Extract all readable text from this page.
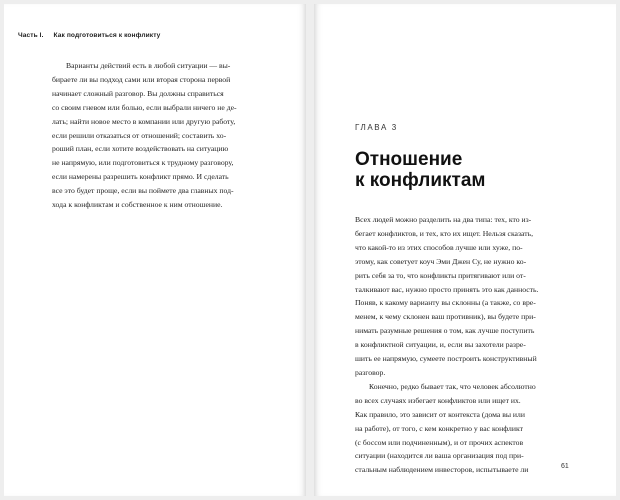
Часть I. Как подготовиться к конфликту

Варианты действий есть в любой ситуации — вы-
бираете ли вы подход сами или вторая сторона первой
начинает сложный разговор. Вы должны справиться
со своим гневом или болью, если выбрали ничего не де-
лать; найти новое место в компании или другую работу,
если решили отказаться от отношений; составить хо-
роший план, если хотите воздействовать на ситуацию
не напрямую, или подготовиться к трудному разговору,
если намерены разрешить конфликт прямо. И сделать
все это будет проще, если вы поймете два главных под-
хода к конфликтам и собственное к ним отношение.

ГЛАВА 3
Отношение
к конфликтам
Всех людей можно разделить на два типа: тех, кто из-
бегает конфликтов, и тех, кто их ищет. Нельзя сказать,
что какой-то из этих способов лучше или хуже, по-
этому, как советует коуч Эми Джен Су, не нужно ко-
рить себя за то, что конфликты притягивают или от-
талкивают вас, нужно просто принять это как данность.
Поняв, к какому варианту вы склонны (а также, со вре-
менем, к чему склонен ваш противник), вы будете при-
нимать разумные решения о том, как лучше поступить
в конфликтной ситуации, и, если вы захотели разре-
шить ее напрямую, сумеете построить конструктивный
разговор.
Конечно, редко бывает так, что человек абсолютно
во всех случаях избегает конфликтов или ищет их.
Как правило, это зависит от контекста (дома вы или
на работе), от того, с кем конкретно у вас конфликт
(с боссом или подчиненным), и от прочих аспектов
ситуации (находится ли ваша организация под при-
стальным наблюдением инвесторов, испытываете ли	61
